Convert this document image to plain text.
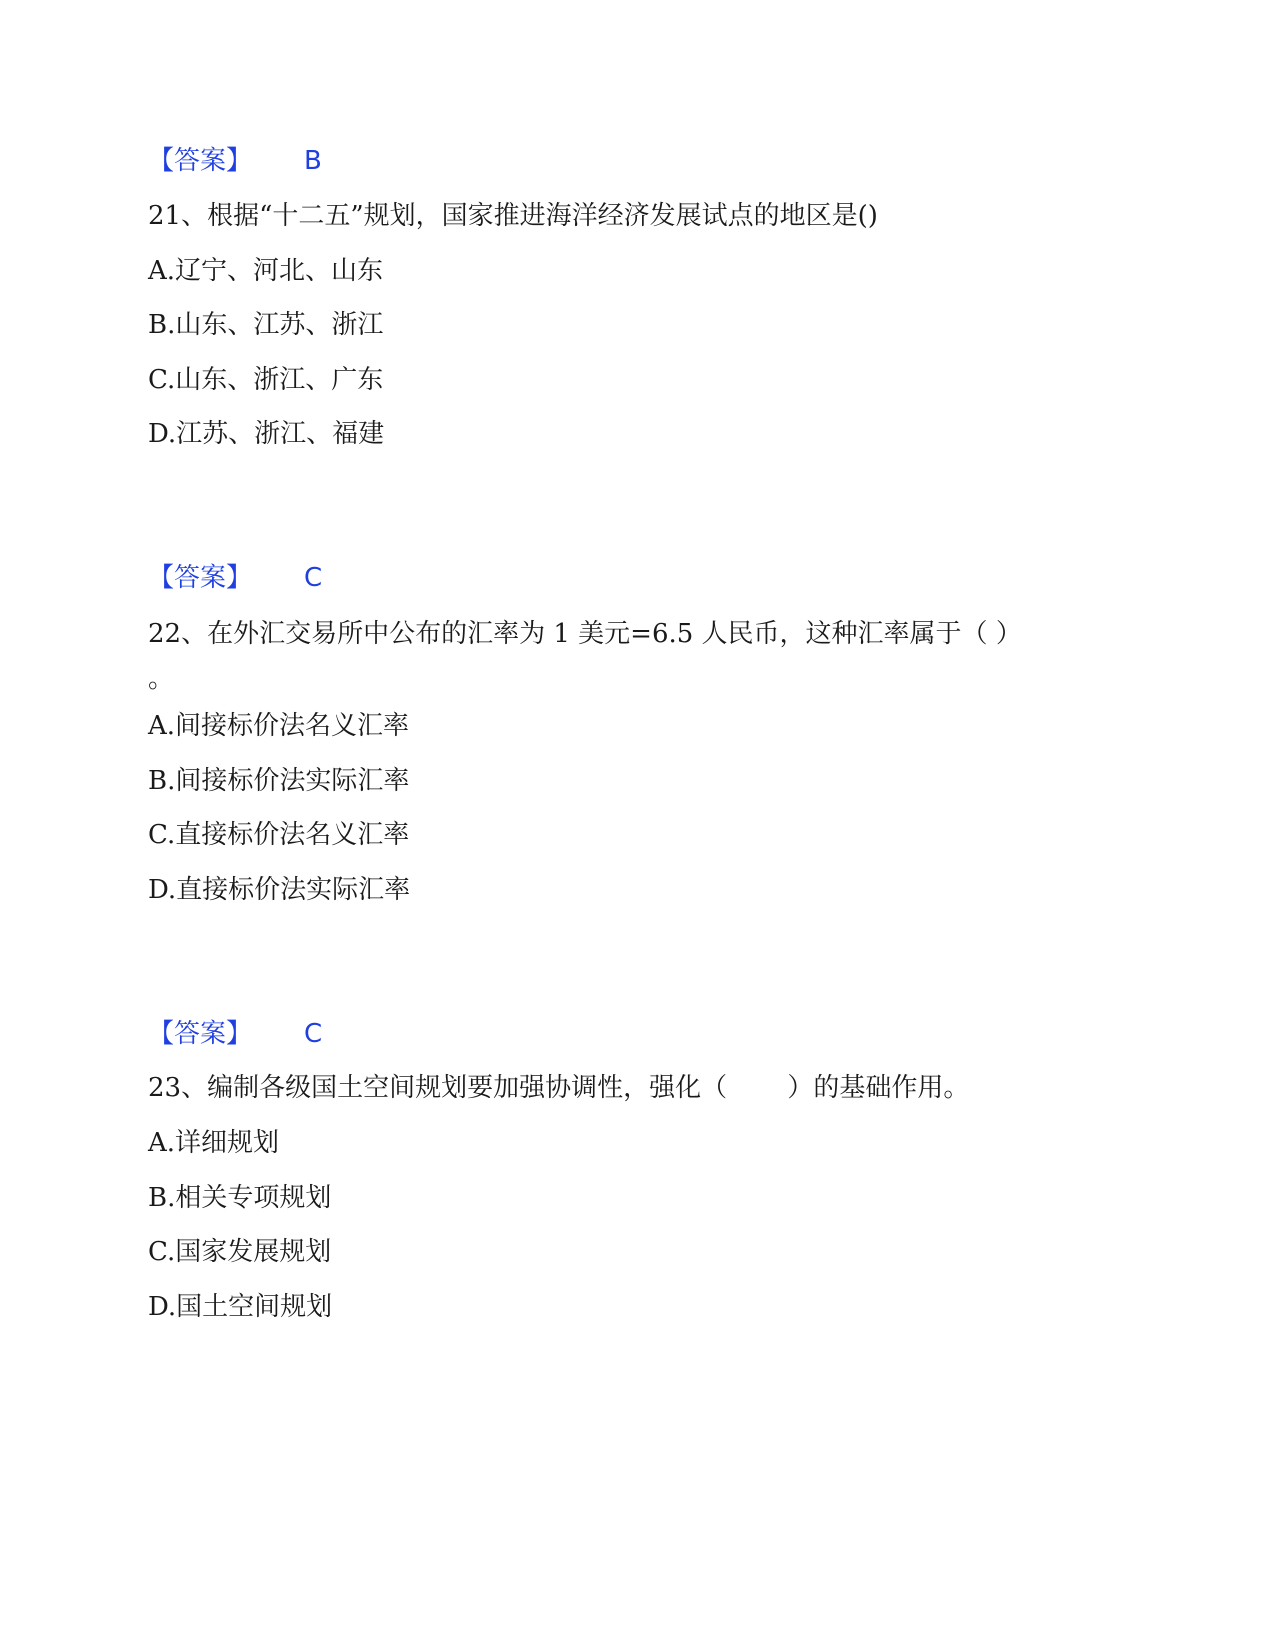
【答案】 B
21、根据“十二五”规划，国家推进海洋经济发展试点的地区是()
A.辽宁、河北、山东
B.山东、江苏、浙江
C.山东、浙江、广东
D.江苏、浙江、福建
【答案】 C
22、在外汇交易所中公布的汇率为 1 美元=6.5 人民币，这种汇率属于（ ）
。
A.间接标价法名义汇率
B.间接标价法实际汇率
C.直接标价法名义汇率
D.直接标价法实际汇率
【答案】 C
23、编制各级国土空间规划要加强协调性，强化（　　 ）的基础作用。
A.详细规划
B.相关专项规划
C.国家发展规划
D.国土空间规划
